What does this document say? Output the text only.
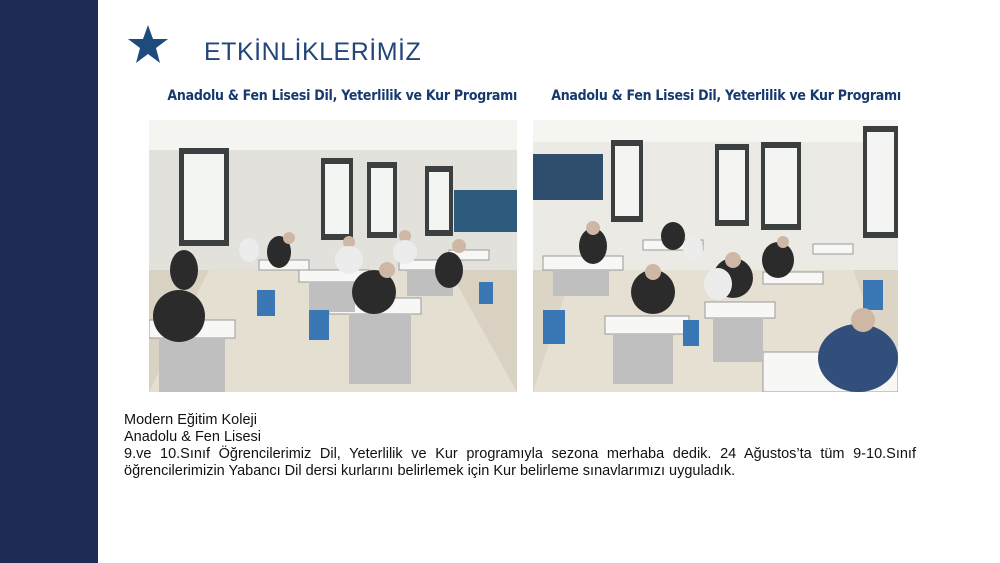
ETKİNLİKLERİMİZ
Anadolu & Fen Lisesi Dil, Yeterlilik ve Kur Programı Anadolu & Fen Lisesi Dil, Yeterlilik ve Kur Programı
Modern Eğitim Koleji
Anadolu & Fen Lisesi
9.ve 10.Sınıf Öğrencilerimiz Dil, Yeterlilik ve Kur programıyla sezona merhaba dedik. 24 Ağustos’ta tüm 9-10.Sınıf öğrencilerimizin Yabancı Dil dersi kurlarını belirlemek için Kur belirleme sınavlarımızı uyguladık.
